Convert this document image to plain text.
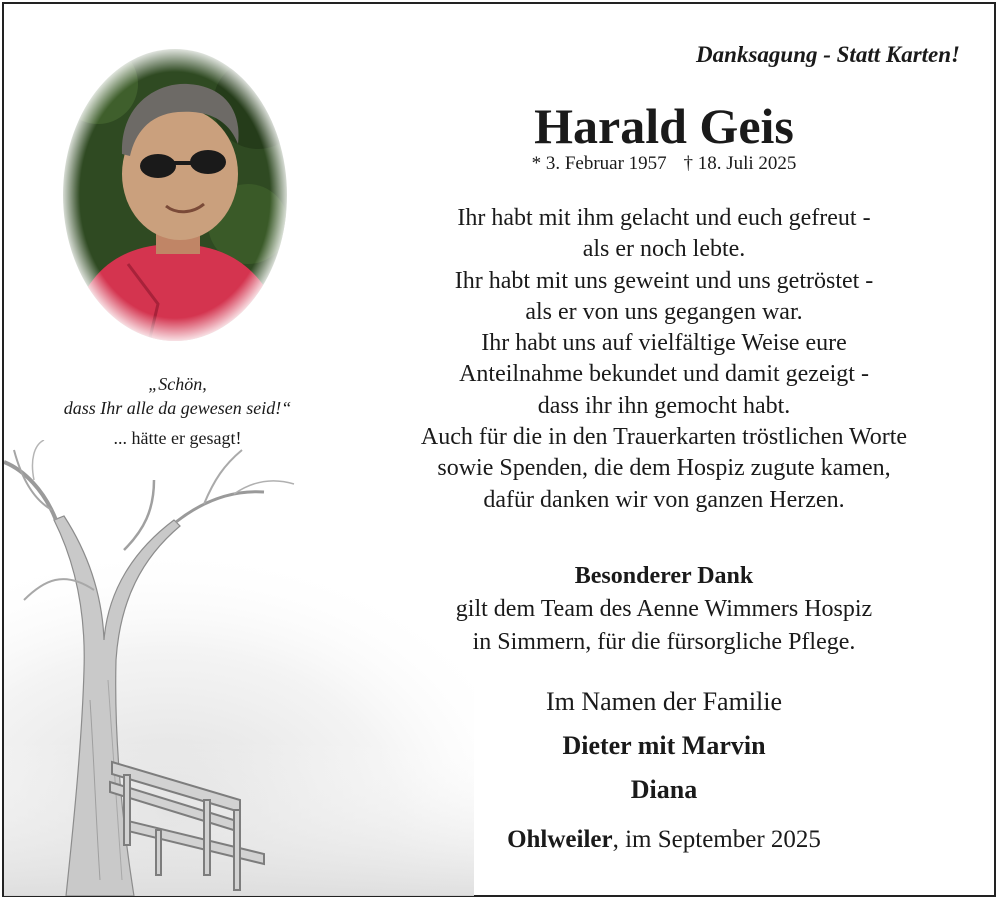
„Schön,
dass Ihr alle da gewesen seid!“
... hätte er gesagt!
Danksagung - Statt Karten!
Harald Geis
* 3. Februar 1957 † 18. Juli 2025
Ihr habt mit ihm gelacht und euch gefreut -
als er noch lebte.
Ihr habt mit uns geweint und uns getröstet -
als er von uns gegangen war.
Ihr habt uns auf vielfältige Weise eure
Anteilnahme bekundet und damit gezeigt -
dass ihr ihn gemocht habt.
Auch für die in den Trauerkarten tröstlichen Worte
sowie Spenden, die dem Hospiz zugute kamen,
dafür danken wir von ganzen Herzen.
Besonderer Dank
gilt dem Team des Aenne Wimmers Hospiz
in Simmern, für die fürsorgliche Pflege.
Im Namen der Familie
Dieter mit Marvin
Diana
Ohlweiler, im September 2025
